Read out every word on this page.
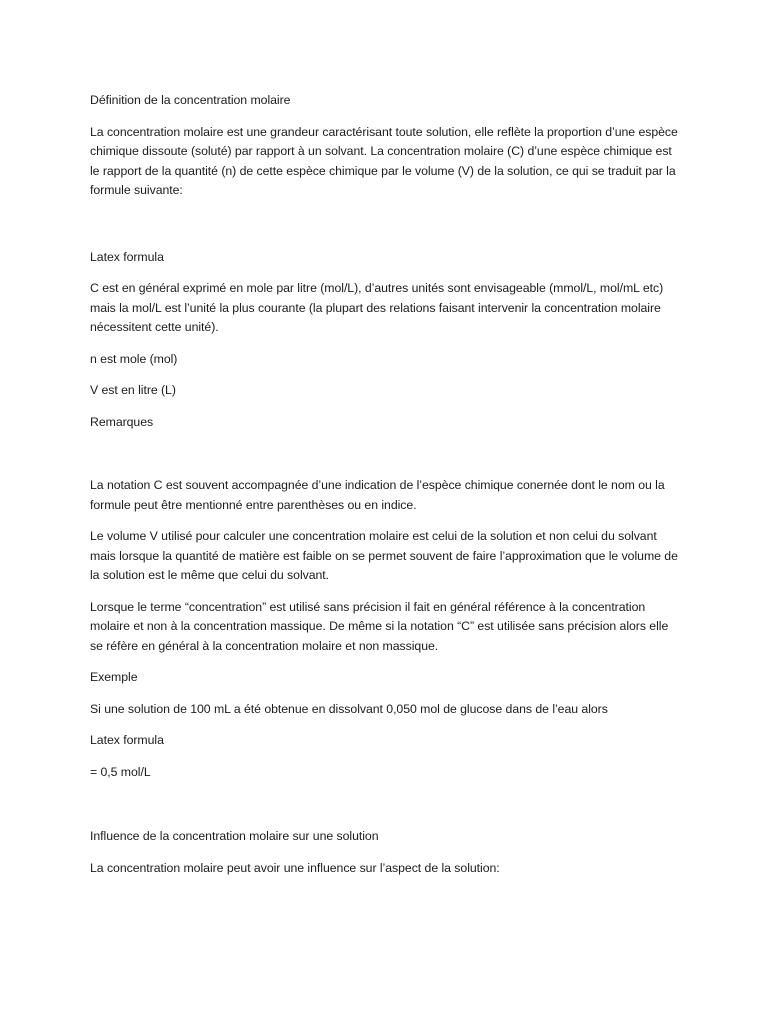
Définition de la concentration molaire

La concentration molaire est une grandeur caractérisant toute solution, elle reflète la proportion d’une espèce chimique dissoute (soluté) par rapport à un solvant. La concentration molaire (C) d’une espèce chimique est le rapport de la quantité (n) de cette espèce chimique par le volume (V) de la solution, ce qui se traduit par la formule suivante:

Latex formula

C est en général exprimé en mole par litre (mol/L), d’autres unités sont envisageable (mmol/L, mol/mL etc) mais la mol/L est l’unité la plus courante (la plupart des relations faisant intervenir la concentration molaire nécessitent cette unité).

n est mole (mol)

V est en litre (L)

Remarques

La notation C est souvent accompagnée d’une indication de l’espèce chimique conernée dont le nom ou la formule peut être mentionné entre parenthèses ou en indice.

Le volume V utilisé pour calculer une concentration molaire est celui de la solution et non celui du solvant mais lorsque la quantité de matière est faible on se permet souvent de faire l’approximation que le volume de la solution est le même que celui du solvant.

Lorsque le terme “concentration” est utilisé sans précision il fait en général référence à la concentration molaire et non à la concentration massique. De même si la notation “C” est utilisée sans précision alors elle se réfère en général à la concentration molaire et non massique.

Exemple

Si une solution de 100 mL a été obtenue en dissolvant 0,050 mol de glucose dans de l’eau alors

Latex formula

= 0,5 mol/L

Influence de la concentration molaire sur une solution

La concentration molaire peut avoir une influence sur l’aspect de la solution:
